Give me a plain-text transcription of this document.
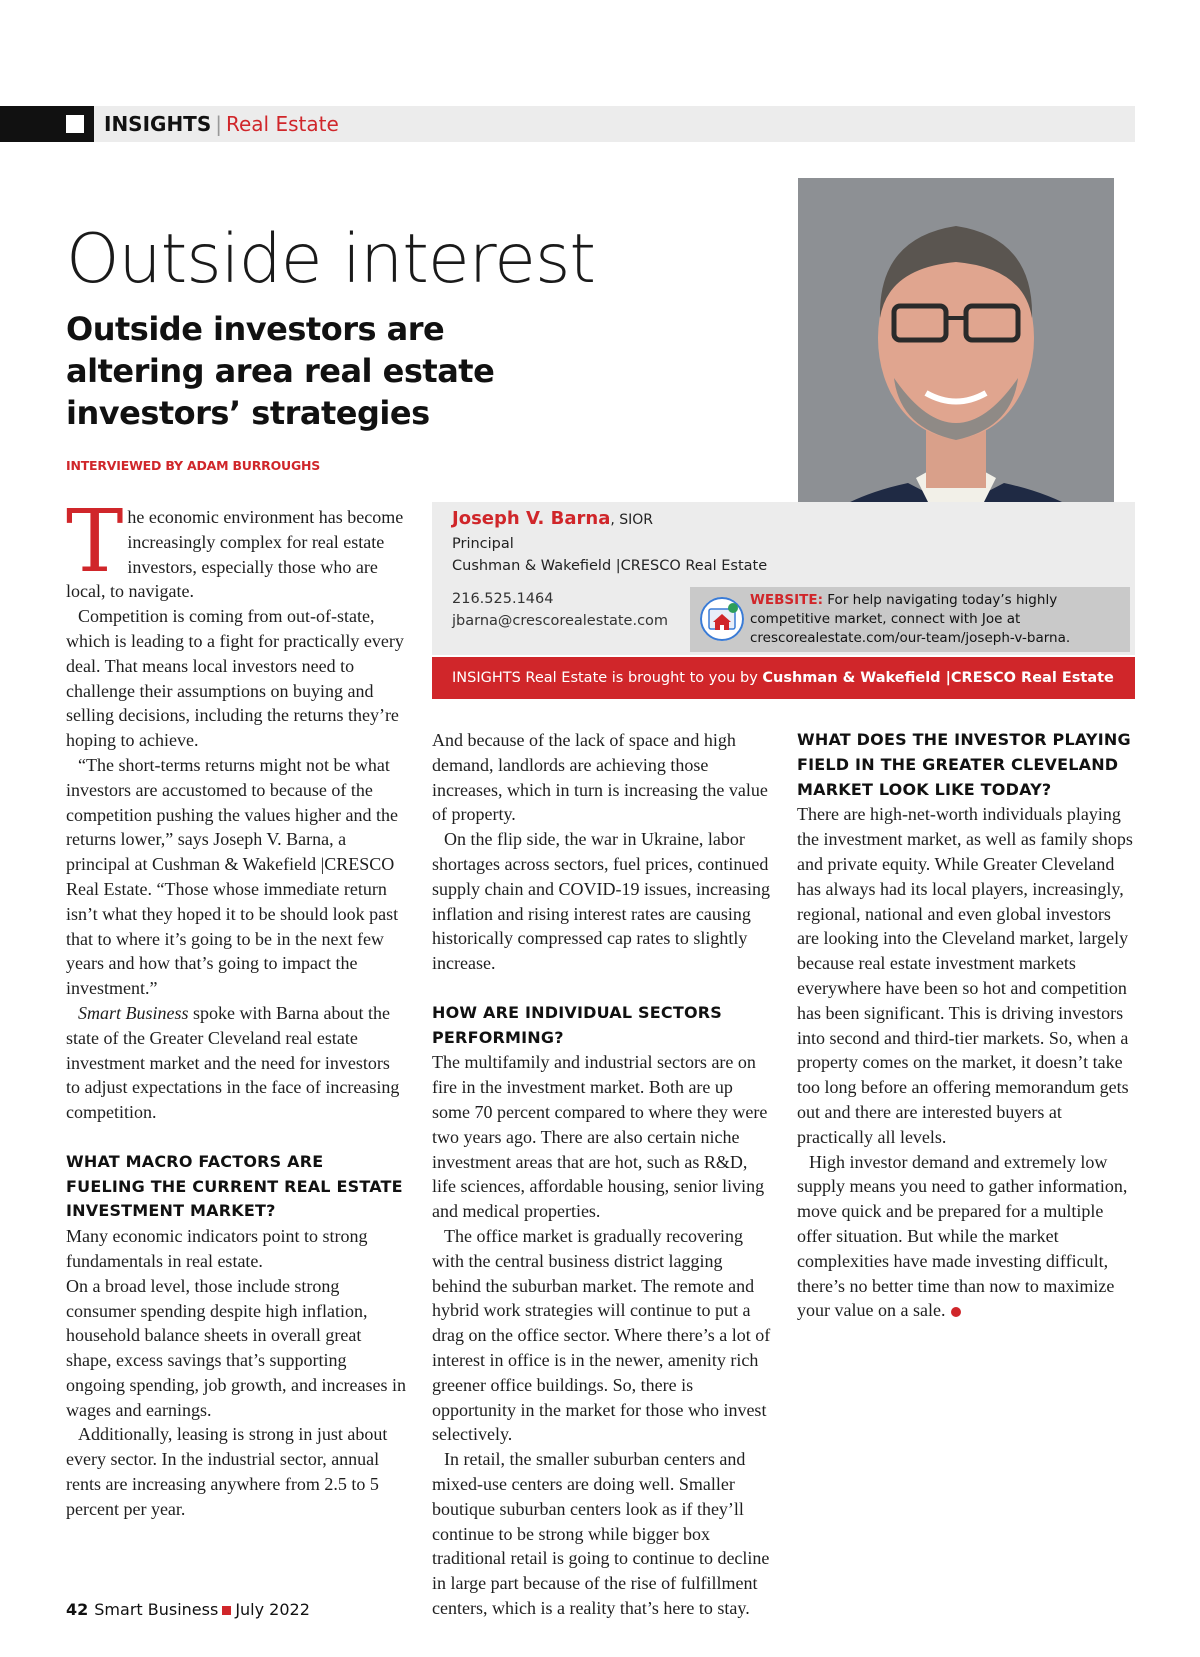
INSIGHTS | Real Estate
Outside interest
Outside investors are altering area real estate investors’ strategies
INTERVIEWED BY ADAM BURROUGHS
Joseph V. Barna, SIOR
Principal
Cushman & Wakefield |CRESCO Real Estate
216.525.1464
jbarna@crescorealestate.com
WEBSITE: For help navigating today’s highly competitive market, connect with Joe at crescorealestate.com/our-team/joseph-v-barna.
INSIGHTS Real Estate is brought to you by Cushman & Wakefield |CRESCO Real Estate

The economic environment has become increasingly complex for real estate investors, especially those who are local, to navigate.

Competition is coming from out-of-state, which is leading to a fight for practically every deal. That means local investors need to challenge their assumptions on buying and selling decisions, including the returns they’re hoping to achieve.

“The short-terms returns might not be what investors are accustomed to because of the competition pushing the values higher and the returns lower,” says Joseph V. Barna, a principal at Cushman & Wakefield |CRESCO Real Estate. “Those whose immediate return isn’t what they hoped it to be should look past that to where it’s going to be in the next few years and how that’s going to impact the investment.”

Smart Business spoke with Barna about the state of the Greater Cleveland real estate investment market and the need for investors to adjust expectations in the face of increasing competition.

WHAT MACRO FACTORS ARE FUELING THE CURRENT REAL ESTATE INVESTMENT MARKET?

Many economic indicators point to strong fundamentals in real estate.

On a broad level, those include strong consumer spending despite high inflation, household balance sheets in overall great shape, excess savings that’s supporting ongoing spending, job growth, and increases in wages and earnings.

Additionally, leasing is strong in just about every sector. In the industrial sector, annual rents are increasing anywhere from 2.5 to 5 percent per year.

And because of the lack of space and high demand, landlords are achieving those increases, which in turn is increasing the value of property.

On the flip side, the war in Ukraine, labor shortages across sectors, fuel prices, continued supply chain and COVID-19 issues, increasing inflation and rising interest rates are causing historically compressed cap rates to slightly increase.

HOW ARE INDIVIDUAL SECTORS PERFORMING?

The multifamily and industrial sectors are on fire in the investment market. Both are up some 70 percent compared to where they were two years ago. There are also certain niche investment areas that are hot, such as R&D, life sciences, affordable housing, senior living and medical properties.

The office market is gradually recovering with the central business district lagging behind the suburban market. The remote and hybrid work strategies will continue to put a drag on the office sector. Where there’s a lot of interest in office is in the newer, amenity rich greener office buildings. So, there is opportunity in the market for those who invest selectively.

In retail, the smaller suburban centers and mixed-use centers are doing well. Smaller boutique suburban centers look as if they’ll continue to be strong while bigger box traditional retail is going to continue to decline in large part because of the rise of fulfillment centers, which is a reality that’s here to stay.

WHAT DOES THE INVESTOR PLAYING FIELD IN THE GREATER CLEVELAND MARKET LOOK LIKE TODAY?

There are high-net-worth individuals playing the investment market, as well as family shops and private equity. While Greater Cleveland has always had its local players, increasingly, regional, national and even global investors are looking into the Cleveland market, largely because real estate investment markets everywhere have been so hot and competition has been significant. This is driving investors into second and third-tier markets. So, when a property comes on the market, it doesn’t take too long before an offering memorandum gets out and there are interested buyers at practically all levels.

High investor demand and extremely low supply means you need to gather information, move quick and be prepared for a multiple offer situation. But while the market complexities have made investing difficult, there’s no better time than now to maximize your value on a sale.

42 Smart Business July 2022
